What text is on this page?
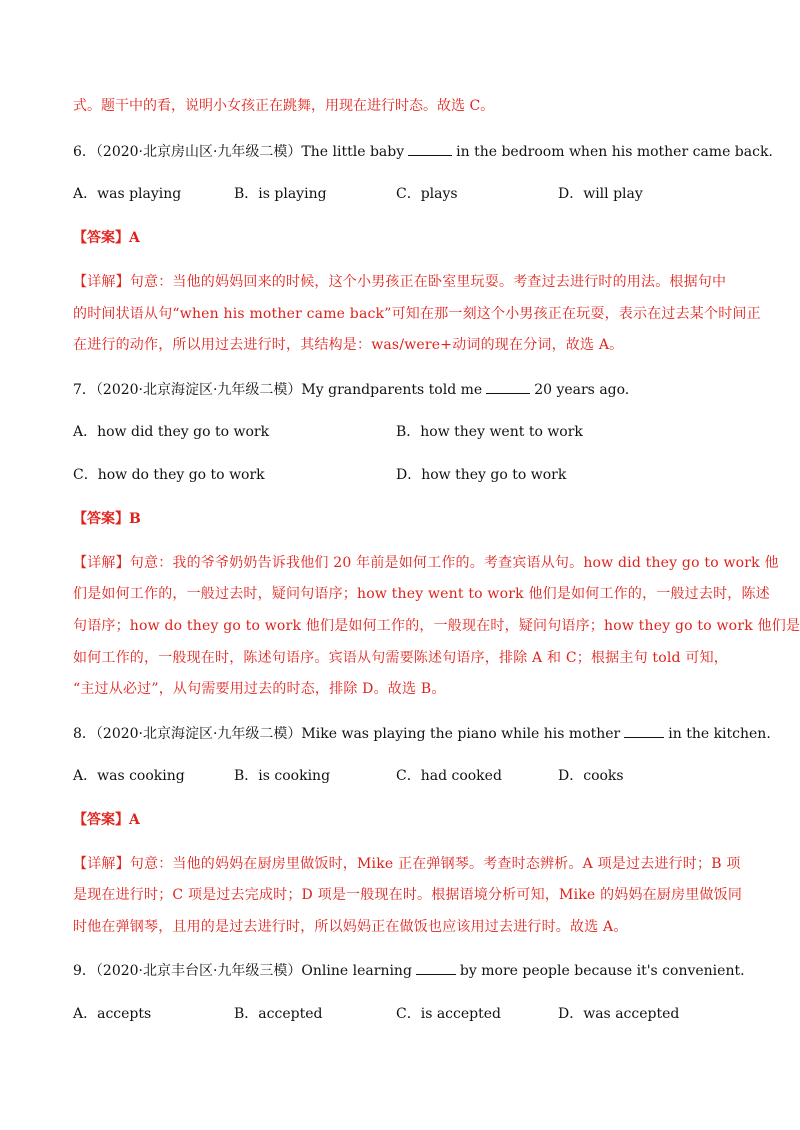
式。题干中的看，说明小女孩正在跳舞，用现在进行时态。故选 C。
6．（2020·北京房山区·九年级二模）The little baby	in the bedroom when his mother came back.
A．was playing	B．is playing	C．plays	D．will play
【答案】A
【详解】句意：当他的妈妈回来的时候，这个小男孩正在卧室里玩耍。考查过去进行时的用法。根据句中
的时间状语从句“when his mother came back”可知在那一刻这个小男孩正在玩耍，表示在过去某个时间正
在进行的动作，所以用过去进行时，其结构是：was/were+动词的现在分词，故选 A。
7．（2020·北京海淀区·九年级二模）My grandparents told me	20 years ago.
A．how did they go to work	B．how they went to work
C．how do they go to work	D．how they go to work
【答案】B
【详解】句意：我的爷爷奶奶告诉我他们 20 年前是如何工作的。考查宾语从句。how did they go to work 他
们是如何工作的，一般过去时，疑问句语序；how they went to work 他们是如何工作的，一般过去时，陈述
句语序；how do they go to work 他们是如何工作的，一般现在时，疑问句语序；how they go to work 他们是
如何工作的，一般现在时，陈述句语序。宾语从句需要陈述句语序，排除 A 和 C；根据主句 told 可知，
“主过从必过”，从句需要用过去的时态，排除 D。故选 B。
8．（2020·北京海淀区·九年级二模）Mike was playing the piano while his mother	in the kitchen.
A．was cooking	B．is cooking	C．had cooked	D．cooks
【答案】A
【详解】句意：当他的妈妈在厨房里做饭时，Mike 正在弹钢琴。考查时态辨析。A 项是过去进行时；B 项
是现在进行时；C 项是过去完成时；D 项是一般现在时。根据语境分析可知，Mike 的妈妈在厨房里做饭同
时他在弹钢琴，且用的是过去进行时，所以妈妈正在做饭也应该用过去进行时。故选 A。
9．（2020·北京丰台区·九年级三模）Online learning	by more people because it's convenient.
A．accepts	B．accepted	C．is accepted	D．was accepted
